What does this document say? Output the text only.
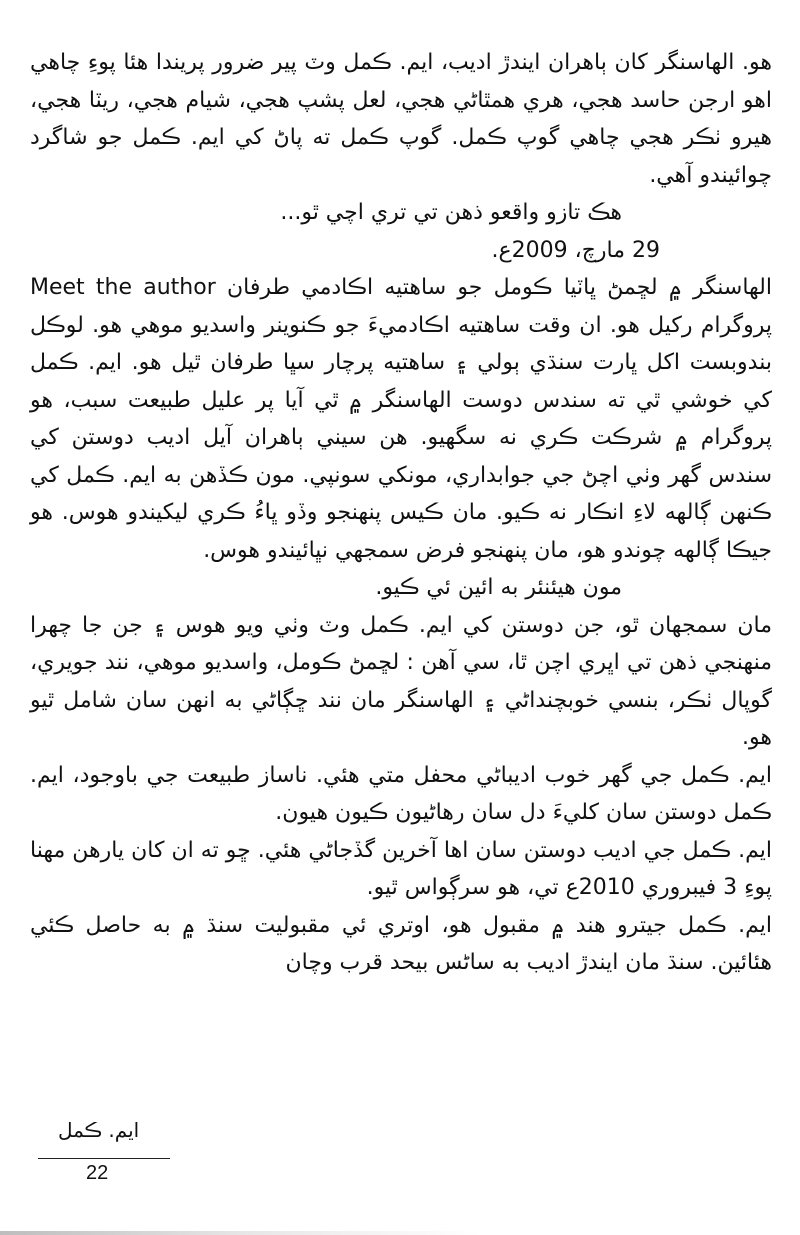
هو. الهاسنگر کان ٻاهران ايندڙ اديب، ايم. ڪمل وٽ پير ضرور پريندا هئا پوءِ چاهي اهو ارجن حاسد هجي، هري همٿاڻي هجي، لعل پشپ هجي، شيام هجي، ريٽا هجي، هيرو ٺڪر هجي چاهي گوپ ڪمل. گوپ ڪمل ته پاڻ کي ايم. ڪمل جو شاگرد چوائيندو آهي.

هڪ تازو واقعو ذهن تي تري اچي ٿو...

29 مارچ، 2009ع.

الهاسنگر ۾ لڇمڻ ڀاٽيا ڪومل جو ساهتيه اڪادمي طرفان Meet the author پروگرام رکيل هو. ان وقت ساهتيه اڪادميءَ جو ڪنوينر واسديو موهي هو. لوڪل بندوبست اکل ڀارت سنڌي ٻولي ۽ ساهتيه پرچار سڀا طرفان ٿيل هو. ايم. ڪمل کي خوشي ٿي ته سندس دوست الهاسنگر ۾ ٿي آيا پر عليل طبيعت سبب، هو پروگرام ۾ شرڪت ڪري نه سگهيو. هن سيني ٻاهران آيل اديب دوستن کي سندس گهر وٺي اچڻ جي جوابداري، مونکي سونپي. مون ڪڏهن به ايم. ڪمل کي ڪنهن ڳالهه لاءِ انڪار نه ڪيو. مان ڪيس پنهنجو وڏو ڀاءُ ڪري ليکيندو هوس. هو جيڪا ڳالهه چوندو هو، مان پنهنجو فرض سمجهي نڀائيندو هوس.

مون هيئنئر به ائين ئي ڪيو.

مان سمجهان ٿو، جن دوستن کي ايم. ڪمل وٽ وٺي ويو هوس ۽ جن جا چهرا منهنجي ذهن تي اڀري اچن ٿا، سي آهن : لڇمڻ ڪومل، واسديو موهي، نند جويري، گوپال ٺڪر، بنسي خوبچنداڻي ۽ الهاسنگر مان نند ڇڳاڻي به انهن سان شامل ٿيو هو.

ايم. ڪمل جي گهر خوب اديباڻي محفل متي هئي. ناساز طبيعت جي باوجود، ايم. ڪمل دوستن سان کليءَ دل سان رهاڻيون ڪيون هيون.

ايم. ڪمل جي اديب دوستن سان اها آخرين گڏجاڻي هئي. ڇو ته ان کان يارهن مهنا پوءِ 3 فيبروري 2010ع تي، هو سرڳواس ٿيو.

ايم. ڪمل جيترو هند ۾ مقبول هو، اوتري ئي مقبوليت سنڌ ۾ به حاصل ڪئي هئائين. سنڌ مان ايندڙ اديب به ساڻس بيحد قرب وچان

ايم. ڪمل
22
